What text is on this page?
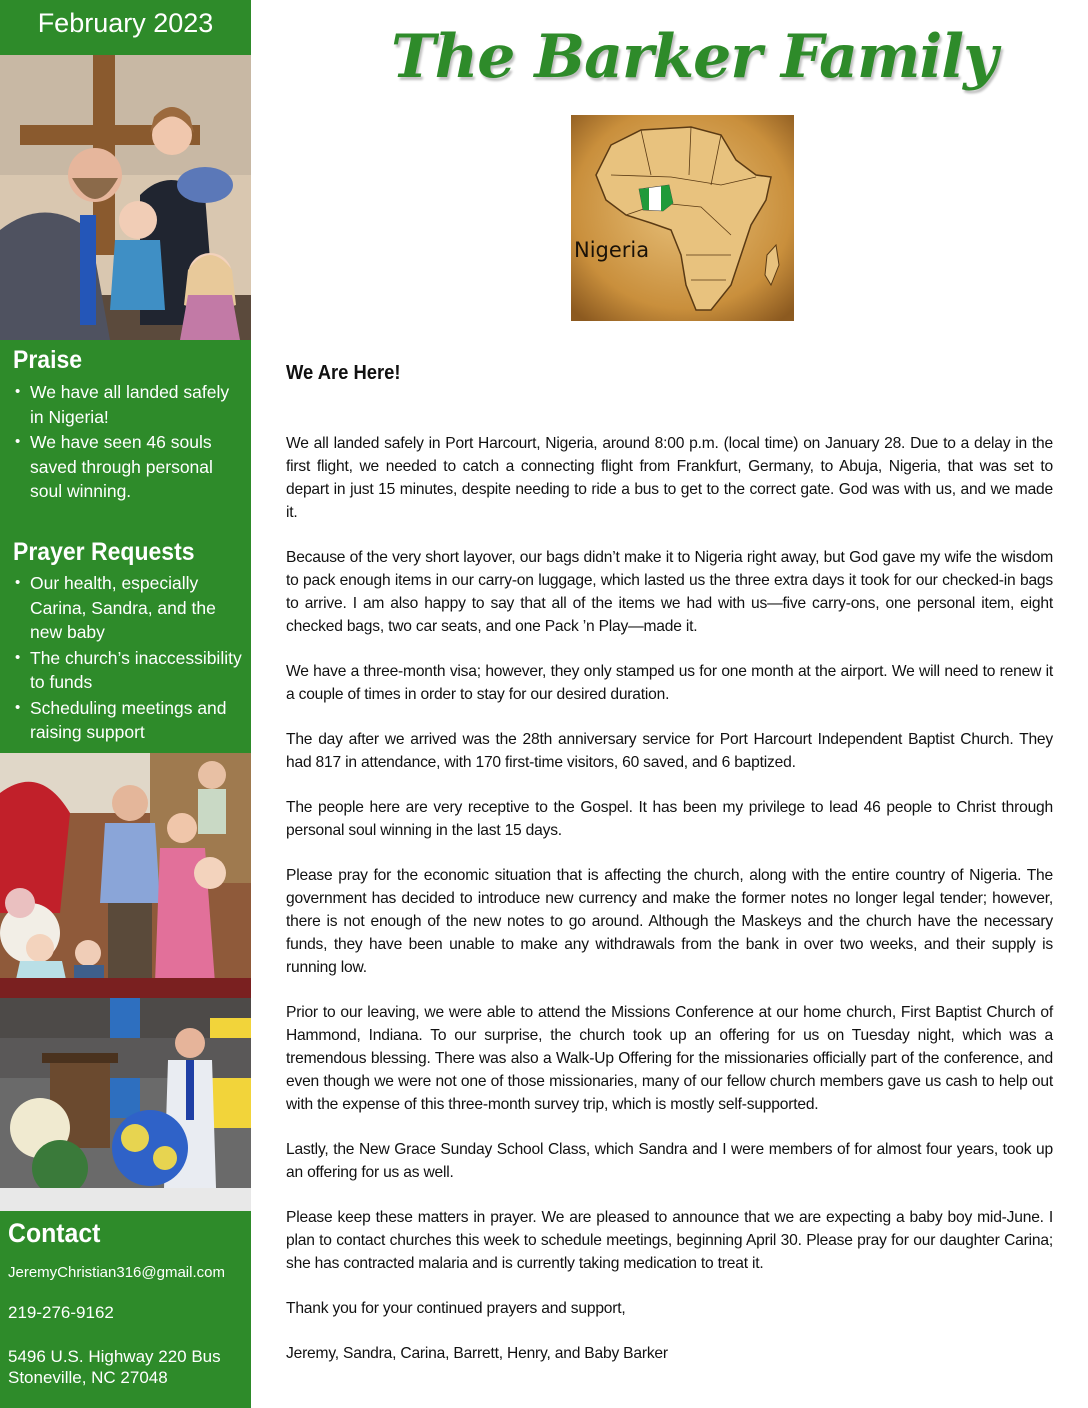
February 2023
Praise
• We have all landed safely in Nigeria!
• We have seen 46 souls saved through personal soul winning.
Prayer Requests
• Our health, especially Carina, Sandra, and the new baby
• The church’s inaccessibility to funds
• Scheduling meetings and raising support
Contact
JeremyChristian316@gmail.com
219-276-9162
5496 U.S. Highway 220 Bus
Stoneville, NC 27048
The Barker Family
Nigeria
We Are Here!

We all landed safely in Port Harcourt, Nigeria, around 8:00 p.m. (local time) on January 28. Due to a delay in the first flight, we needed to catch a connecting flight from Frankfurt, Germany, to Abuja, Nigeria, that was set to depart in just 15 minutes, despite needing to ride a bus to get to the correct gate. God was with us, and we made it.

Because of the very short layover, our bags didn’t make it to Nigeria right away, but God gave my wife the wisdom to pack enough items in our carry-on luggage, which lasted us the three extra days it took for our checked-in bags to arrive. I am also happy to say that all of the items we had with us—five carry-ons, one personal item, eight checked bags, two car seats, and one Pack ’n Play—made it.

We have a three-month visa; however, they only stamped us for one month at the airport. We will need to renew it a couple of times in order to stay for our desired duration.

The day after we arrived was the 28th anniversary service for Port Harcourt Independent Baptist Church. They had 817 in attendance, with 170 first-time visitors, 60 saved, and 6 baptized.

The people here are very receptive to the Gospel. It has been my privilege to lead 46 people to Christ through personal soul winning in the last 15 days.

Please pray for the economic situation that is affecting the church, along with the entire country of Nigeria. The government has decided to introduce new currency and make the former notes no longer legal tender; however, there is not enough of the new notes to go around. Although the Maskeys and the church have the necessary funds, they have been unable to make any withdrawals from the bank in over two weeks, and their supply is running low.

Prior to our leaving, we were able to attend the Missions Conference at our home church, First Baptist Church of Hammond, Indiana. To our surprise, the church took up an offering for us on Tuesday night, which was a tremendous blessing. There was also a Walk-Up Offering for the missionaries officially part of the conference, and even though we were not one of those missionaries, many of our fellow church members gave us cash to help out with the expense of this three-month survey trip, which is mostly self-supported.

Lastly, the New Grace Sunday School Class, which Sandra and I were members of for almost four years, took up an offering for us as well.

Please keep these matters in prayer. We are pleased to announce that we are expecting a baby boy mid-June. I plan to contact churches this week to schedule meetings, beginning April 30. Please pray for our daughter Carina; she has contracted malaria and is currently taking medication to treat it.

Thank you for your continued prayers and support,

Jeremy, Sandra, Carina, Barrett, Henry, and Baby Barker
